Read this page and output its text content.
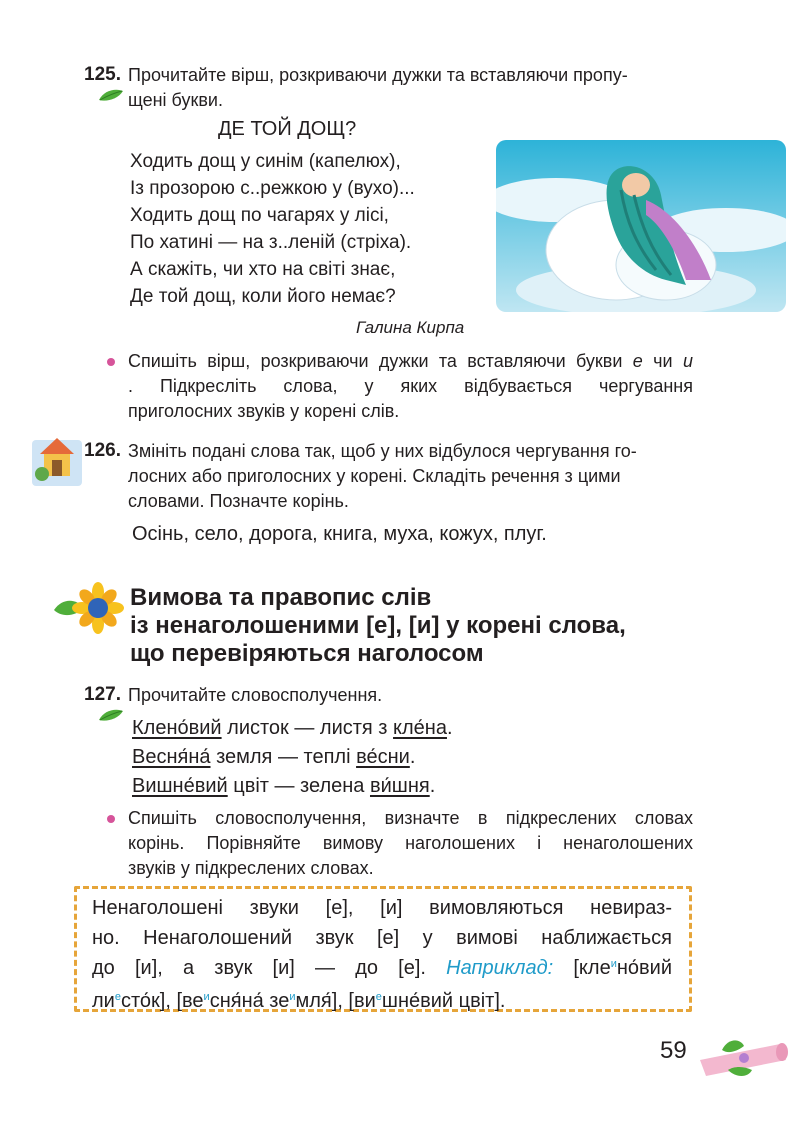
125. Прочитайте вірш, розкриваючи дужки та вставляючи пропу-
щені букви.
ДЕ ТОЙ ДОЩ?
Ходить дощ у синім (капелюх),
Із прозорою с..режкою у (вухо)...
Ходить дощ по чагарях у лісі,
По хатині — на з..леній (стріха).
А скажіть, чи хто на світі знає,
Де той дощ, коли його немає?
Галина Кирпа
Спишіть вірш, розкриваючи дужки та вставляючи букви е чи и
. Підкресліть слова, у яких відбувається чергування
приголосних звуків у корені слів.
126. Змініть подані слова так, щоб у них відбулося чергування го-
лосних або приголосних у корені. Складіть речення з цими
словами. Позначте корінь.
Осінь, село, дорога, книга, муха, кожух, плуг.
Вимова та правопис слів
із ненаголошеними [е], [и] у корені слова,
що перевіряються наголосом
127. Прочитайте словосполучення.
Клено́вий листок — листя з кле́на.
Весня́на́ земля — теплі ве́сни.
Вишне́вий цвіт — зелена ви́шня.
Спишіть словосполучення, визначте в підкреслених словах
корінь. Порівняйте вимову наголошених і ненаголошених
звуків у підкреслених словах.
Ненаголошені звуки [е], [и] вимовляються невираз-
но. Ненаголошений звук [е] у вимові наближається
до [и], а звук [и] — до [е]. Наприклад: [кле$^и$но́вий
$ли^есто́к$], [$ве^исня́на́$ $зе^имля́$], [$ви^ешне́вий$ цвіт].
59
